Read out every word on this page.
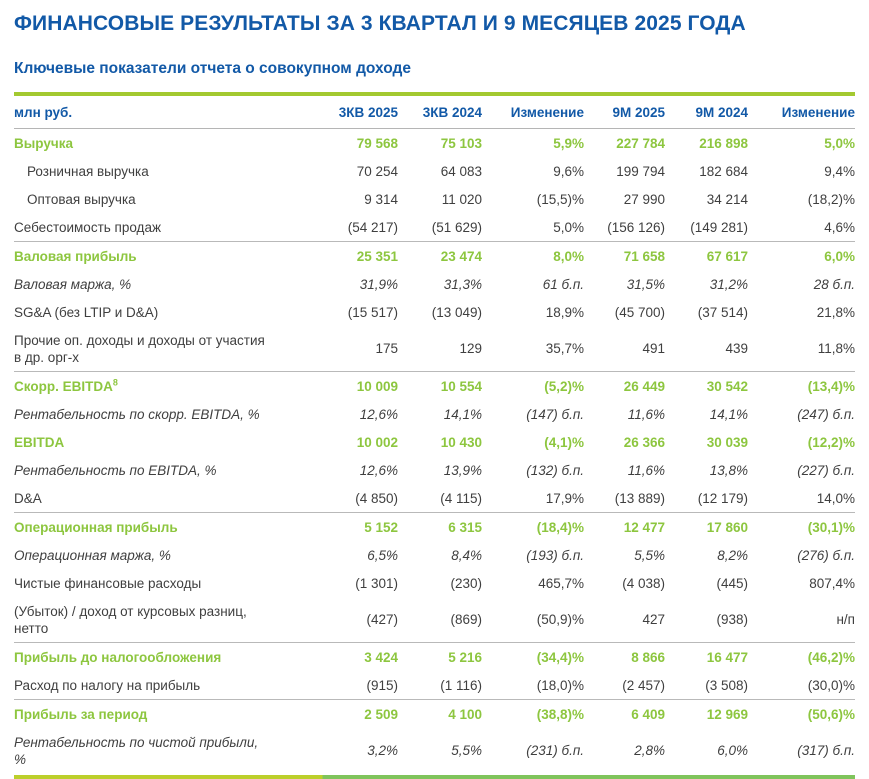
ФИНАНСОВЫЕ РЕЗУЛЬТАТЫ ЗА 3 КВАРТАЛ И 9 МЕСЯЦЕВ 2025 ГОДА
Ключевые показатели отчета о совокупном доходе
млн руб.	3КВ 2025	3КВ 2024	Изменение	9М 2025	9М 2024	Изменение

Выручка	79 568	75 103	5,9%	227 784	216 898	5,0%

Розничная выручка	70 254	64 083	9,6%	199 794	182 684	9,4%

Оптовая выручка	9 314	11 020	(15,5)%	27 990	34 214	(18,2)%

Себестоимость продаж	(54 217)	(51 629)	5,0%	(156 126)	(149 281)	4,6%

Валовая прибыль	25 351	23 474	8,0%	71 658	67 617	6,0%

Валовая маржа, %	31,9%	31,3%	61 б.п.	31,5%	31,2%	28 б.п.

SG&A (без LTIP и D&A)	(15 517)	(13 049)	18,9%	(45 700)	(37 514)	21,8%

Прочие оп. доходы и доходы от участия в др. орг-х	175	129	35,7%	491	439	11,8%

Скорр. EBITDA$^8$	10 009	10 554	(5,2)%	26 449	30 542	(13,4)%

Рентабельность по скорр. EBITDA, %	12,6%	14,1%	(147) б.п.	11,6%	14,1%	(247) б.п.

EBITDA	10 002	10 430	(4,1)%	26 366	30 039	(12,2)%

Рентабельность по EBITDA, %	12,6%	13,9%	(132) б.п.	11,6%	13,8%	(227) б.п.

D&A	(4 850)	(4 115)	17,9%	(13 889)	(12 179)	14,0%

Операционная прибыль	5 152	6 315	(18,4)%	12 477	17 860	(30,1)%

Операционная маржа, %	6,5%	8,4%	(193) б.п.	5,5%	8,2%	(276) б.п.

Чистые финансовые расходы	(1 301)	(230)	465,7%	(4 038)	(445)	807,4%

(Убыток) / доход от курсовых разниц, нетто	(427)	(869)	(50,9)%	427	(938)	н/п

Прибыль до налогообложения	3 424	5 216	(34,4)%	8 866	16 477	(46,2)%

Расход по налогу на прибыль	(915)	(1 116)	(18,0)%	(2 457)	(3 508)	(30,0)%

Прибыль за период	2 509	4 100	(38,8)%	6 409	12 969	(50,6)%

Рентабельность по чистой прибыли, %	3,2%	5,5%	(231) б.п.	2,8%	6,0%	(317) б.п.
